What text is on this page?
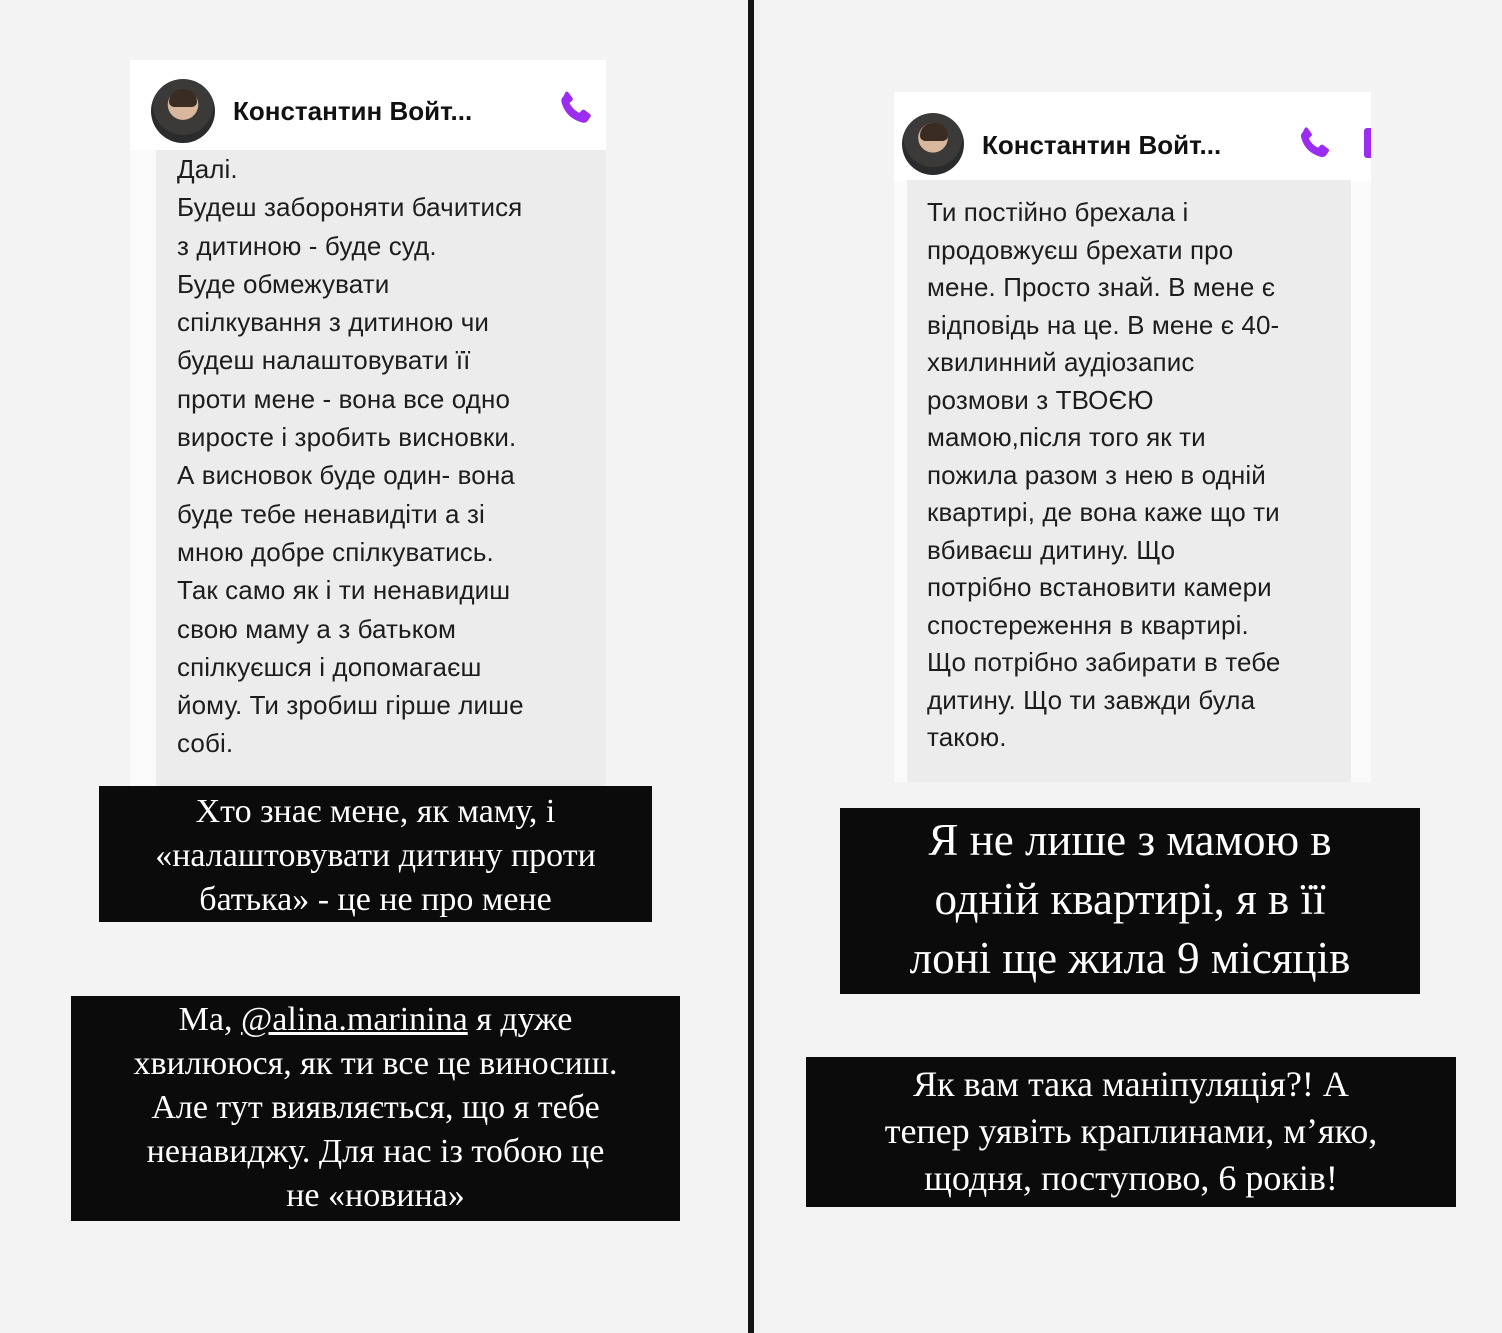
Константин Войт...
Далі.
Будеш забороняти бачитися
з дитиною - буде суд.
Буде обмежувати
спілкування з дитиною чи
будеш налаштовувати її
проти мене - вона все одно
виросте і зробить висновки.
А висновок буде один- вона
буде тебе ненавидіти а зі
мною добре спілкуватись.
Так само як і ти ненавидиш
свою маму а з батьком
спілкуєшся і допомагаєш
йому. Ти зробиш гірше лише
собі.
Хто знає мене, як маму, і
«налаштовувати дитину проти
батька» - це не про мене
Ма, @alina.marinina я дуже
хвилююся, як ти все це виносиш.
Але тут виявляється, що я тебе
ненавиджу. Для нас із тобою це
не «новина»
Константин Войт...
Ти постійно брехала і
продовжуєш брехати про
мене. Просто знай. В мене є
відповідь на це. В мене є 40-
хвилинний аудіозапис
розмови з ТВОЄЮ
мамою,після того як ти
пожила разом з нею в одній
квартирі, де вона каже що ти
вбиваєш дитину. Що
потрібно встановити камери
спостереження в квартирі.
Що потрібно забирати в тебе
дитину. Що ти завжди була
такою.
Я не лише з мамою в
одній квартирі, я в її
лоні ще жила 9 місяців
Як вам така маніпуляція?! А
тепер уявіть краплинами, м’яко,
щодня, поступово, 6 років!
